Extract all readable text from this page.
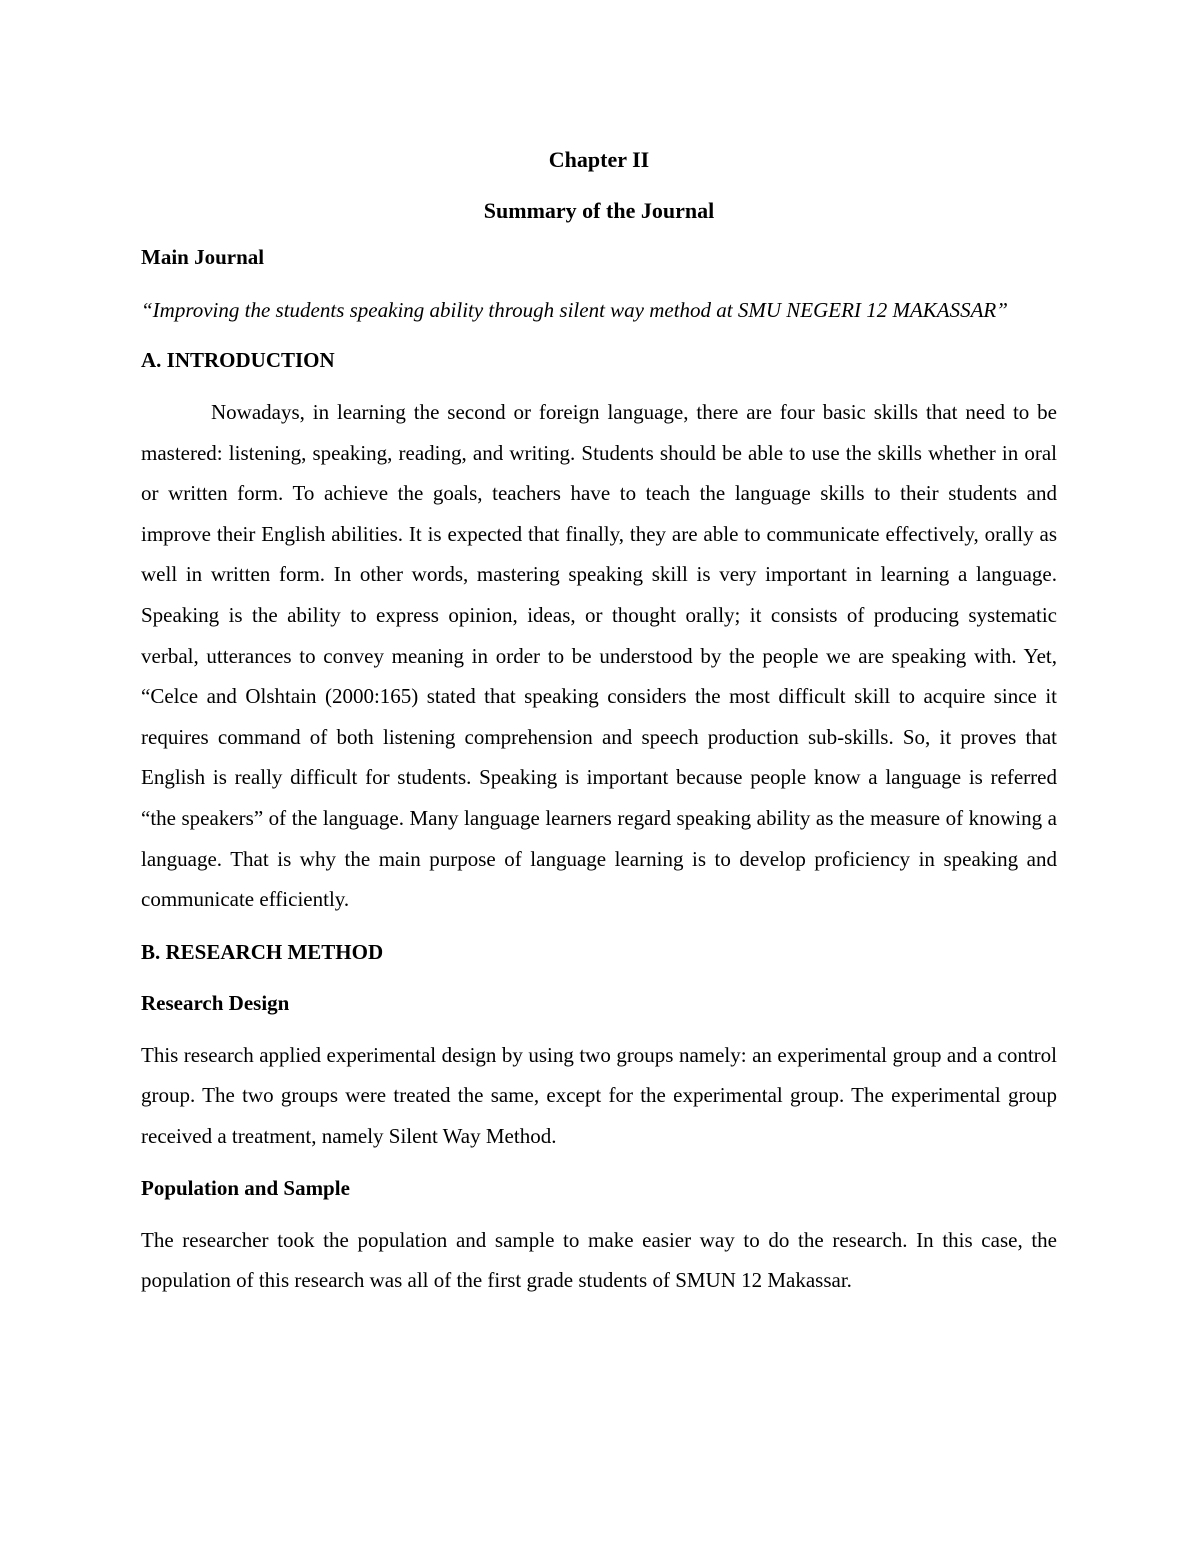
Chapter II
Summary of the Journal
Main Journal
“Improving the students speaking ability through silent way method at SMU NEGERI 12 MAKASSAR”
A. INTRODUCTION
Nowadays, in learning the second or foreign language, there are four basic skills that need to be mastered: listening, speaking, reading, and writing. Students should be able to use the skills whether in oral or written form. To achieve the goals, teachers have to teach the language skills to their students and improve their English abilities. It is expected that finally, they are able to communicate effectively, orally as well in written form. In other words, mastering speaking skill is very important in learning a language. Speaking is the ability to express opinion, ideas, or thought orally; it consists of producing systematic verbal, utterances to convey meaning in order to be understood by the people we are speaking with. Yet, “Celce and Olshtain (2000:165) stated that speaking considers the most difficult skill to acquire since it requires command of both listening comprehension and speech production sub-skills. So, it proves that English is really difficult for students. Speaking is important because people know a language is referred “the speakers” of the language. Many language learners regard speaking ability as the measure of knowing a language. That is why the main purpose of language learning is to develop proficiency in speaking and communicate efficiently.
B. RESEARCH METHOD
Research Design
This research applied experimental design by using two groups namely: an experimental group and a control group. The two groups were treated the same, except for the experimental group. The experimental group received a treatment, namely Silent Way Method.
Population and Sample
The researcher took the population and sample to make easier way to do the research. In this case, the population of this research was all of the first grade students of SMUN 12 Makassar.
